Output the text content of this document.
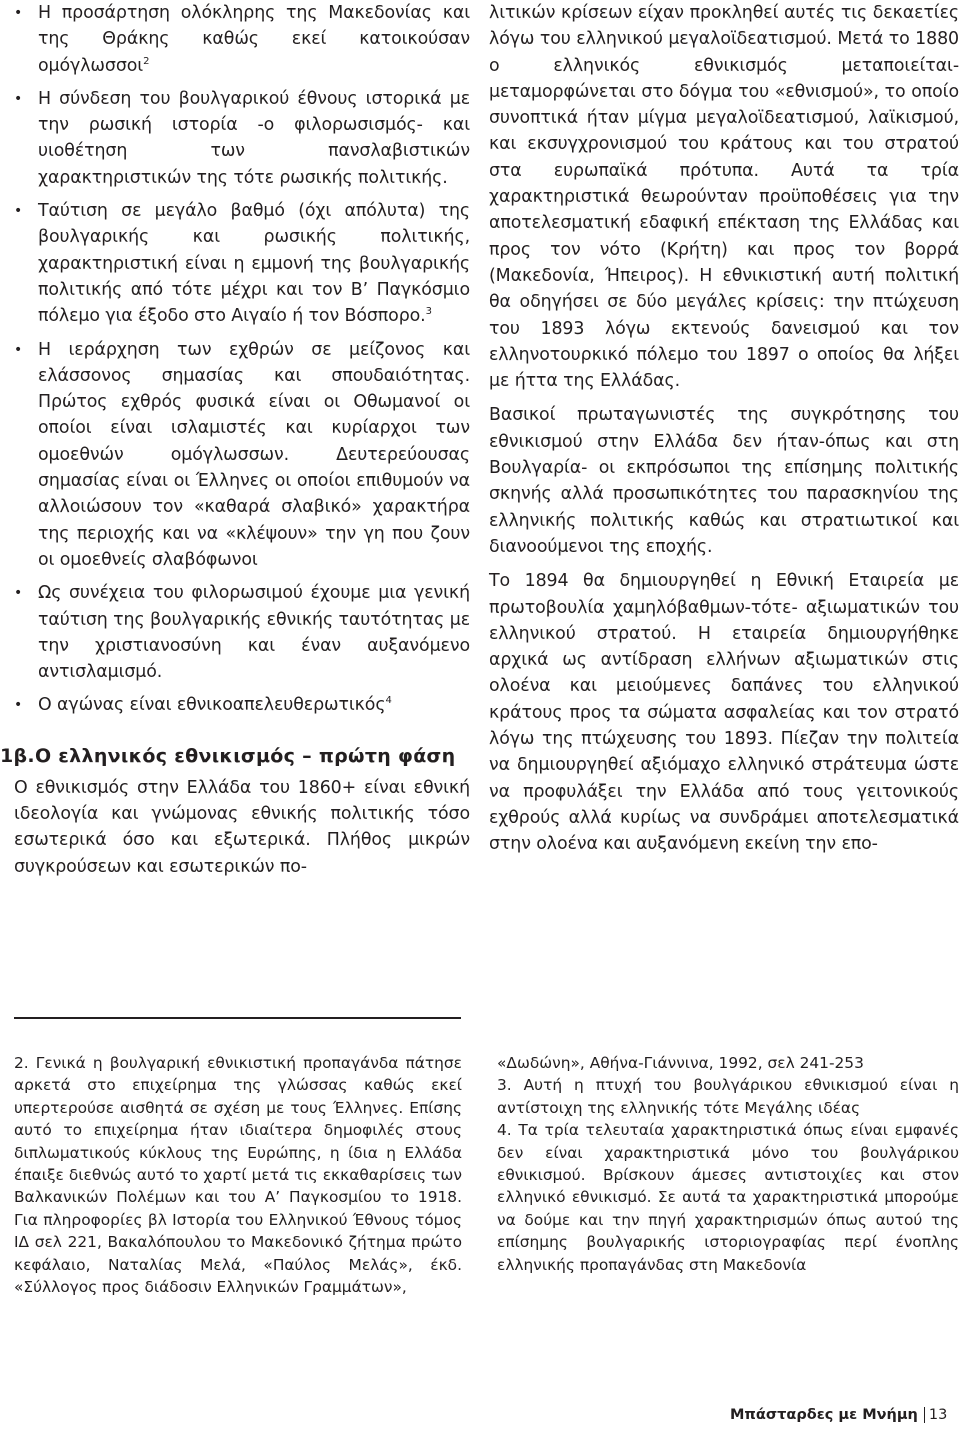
• Η προσάρτηση ολόκληρης της Μακεδονίας και της Θράκης καθώς εκεί κατοικούσαν ομόγλωσσοι$^2$
• Η σύνδεση του βουλγαρικού έθνους ιστορικά με την ρωσική ιστορία -ο φιλορωσισμός- και υιοθέτηση των πανσλαβιστικών χαρακτηριστικών της τότε ρωσικής πολιτικής.
• Ταύτιση σε μεγάλο βαθμό (όχι απόλυτα) της βουλγαρικής και ρωσικής πολιτικής, χαρακτηριστική είναι η εμμονή της βουλγαρικής πολιτικής από τότε μέχρι και τον Β’ Παγκόσμιο πόλεμο για έξοδο στο Αιγαίο ή τον Βόσπορο.$^3$
• Η ιεράρχηση των εχθρών σε μείζονος και ελάσσονος σημασίας και σπουδαιότητας. Πρώτος εχθρός φυσικά είναι οι Οθωμανοί οι οποίοι είναι ισλαμιστές και κυρίαρχοι των ομοεθνών ομόγλωσσων. Δευτερεύουσας σημασίας είναι οι Έλληνες οι οποίοι επιθυμούν να αλλοιώσουν τον «καθαρά σλαβικό» χαρακτήρα της περιοχής και να «κλέψουν» την γη που ζουν οι ομοεθνείς σλαβόφωνοι
• Ως συνέχεια του φιλορωσιμού έχουμε μια γενική ταύτιση της βουλγαρικής εθνικής ταυτότητας με την χριστιανοσύνη και έναν αυξανόμενο αντισλαμισμό.
• Ο αγώνας είναι εθνικοαπελευθερωτικός$^4$
1β.Ο ελληνικός εθνικισμός – πρώτη φάση

Ο εθνικισμός στην Ελλάδα του 1860+ είναι εθνική ιδεολογία και γνώμονας εθνικής πολιτικής τόσο εσωτερικά όσο και εξωτερικά. Πλήθος μικρών συγκρούσεων και εσωτερικών πο-

λιτικών κρίσεων είχαν προκληθεί αυτές τις δεκαετίες λόγω του ελληνικού μεγαλοϊδεατισμού. Μετά το 1880 ο ελληνικός εθνικισμός μεταποιείται-μεταμορφώνεται στο δόγμα του «εθνισμού», το οποίο συνοπτικά ήταν μίγμα μεγαλοϊδεατισμού, λαϊκισμού, και εκσυγχρονισμού του κράτους και του στρατού στα ευρωπαϊκά πρότυπα. Αυτά τα τρία χαρακτηριστικά θεωρούνταν προϋποθέσεις για την αποτελεσματική εδαφική επέκταση της Ελλάδας και προς τον νότο (Κρήτη) και προς τον βορρά (Μακεδονία, Ήπειρος). Η εθνικιστική αυτή πολιτική θα οδηγήσει σε δύο μεγάλες κρίσεις: την πτώχευση του 1893 λόγω εκτενούς δανεισμού και τον ελληνοτουρκικό πόλεμο του 1897 ο οποίος θα λήξει με ήττα της Ελλάδας.

Βασικοί πρωταγωνιστές της συγκρότησης του εθνικισμού στην Ελλάδα δεν ήταν-όπως και στη Βουλγαρία- οι εκπρόσωποι της επίσημης πολιτικής σκηνής αλλά προσωπικότητες του παρασκηνίου της ελληνικής πολιτικής καθώς και στρατιωτικοί και διανοούμενοι της εποχής.

Το 1894 θα δημιουργηθεί η Εθνική Εταιρεία με πρωτοβουλία χαμηλόβαθμων-τότε- αξιωματικών του ελληνικού στρατού. Η εταιρεία δημιουργήθηκε αρχικά ως αντίδραση ελλήνων αξιωματικών στις ολοένα και μειούμενες δαπάνες του ελληνικού κράτους προς τα σώματα ασφαλείας και τον στρατό λόγω της πτώχευσης του 1893. Πίεζαν την πολιτεία να δημιουργηθεί αξιόμαχο ελληνικό στράτευμα ώστε να προφυλάξει την Ελλάδα από τους γειτονικούς εχθρούς αλλά κυρίως να συνδράμει αποτελεσματικά στην ολοένα και αυξανόμενη εκείνη την επο-

2. Γενικά η βουλγαρική εθνικιστική προπαγάνδα πάτησε αρκετά στο επιχείρημα της γλώσσας καθώς εκεί υπερτερούσε αισθητά σε σχέση με τους Έλληνες. Επίσης αυτό το επιχείρημα ήταν ιδιαίτερα δημοφιλές στους διπλωματικούς κύκλους της Ευρώπης, η ίδια η Ελλάδα έπαιξε διεθνώς αυτό το χαρτί μετά τις εκκαθαρίσεις των Βαλκανικών Πολέμων και του Α’ Παγκοσμίου το 1918. Για πληροφορίες βλ Ιστορία του Ελληνικού Έθνους τόμος ΙΔ σελ 221, Βακαλόπουλου το Μακεδονικό ζήτημα πρώτο κεφάλαιο, Ναταλίας Μελά, «Παύλος Μελάς», έκδ. «Σύλλογος προς διάδοσιν Ελληνικών Γραμμάτων»,

«Δωδώνη», Αθήνα-Γιάννινα, 1992, σελ 241-253

3. Αυτή η πτυχή του βουλγάρικου εθνικισμού είναι η αντίστοιχη της ελληνικής τότε Μεγάλης ιδέας

4. Τα τρία τελευταία χαρακτηριστικά όπως είναι εμφανές δεν είναι χαρακτηριστικά μόνο του βουλγάρικου εθνικισμού. Βρίσκουν άμεσες αντιστοιχίες και στον ελληνικό εθνικισμό. Σε αυτά τα χαρακτηριστικά μπορούμε να δούμε και την πηγή χαρακτηρισμών όπως αυτού της επίσημης βουλγαρικής ιστοριογραφίας περί ένοπλης ελληνικής προπαγάνδας στη Μακεδονία

Μπάσταρδες με Μνήμη 13
